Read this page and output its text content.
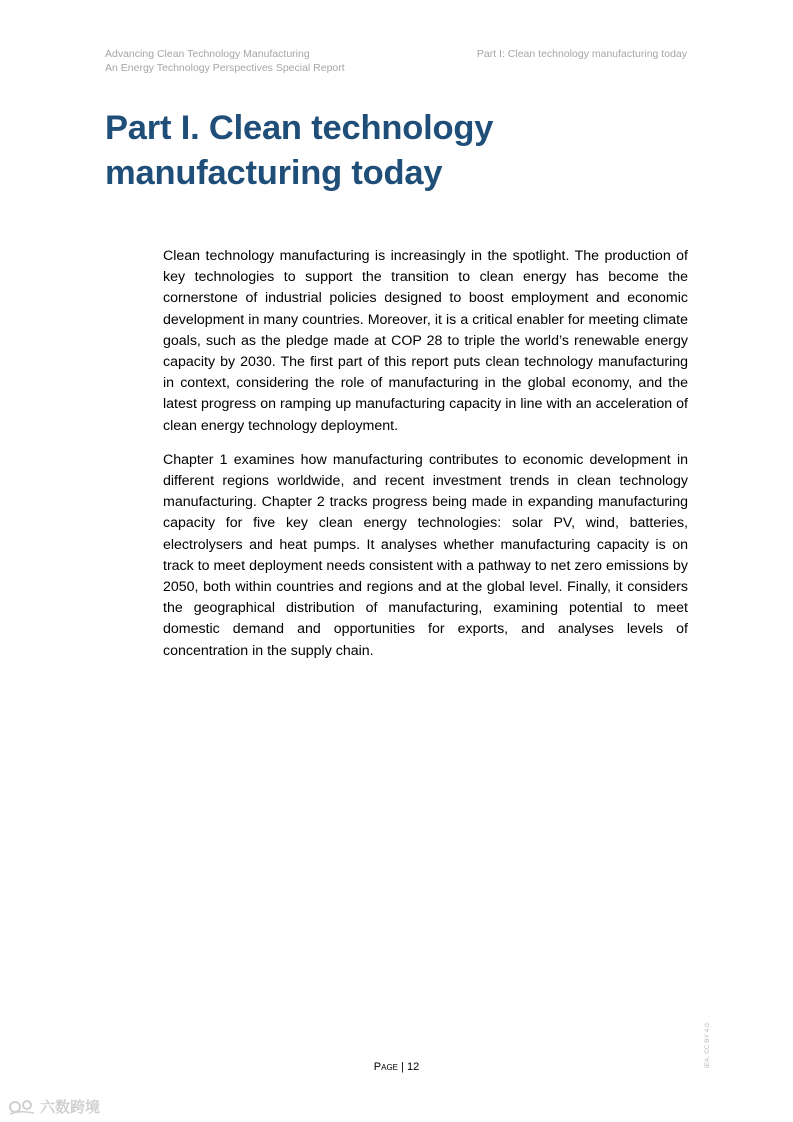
Advancing Clean Technology Manufacturing
An Energy Technology Perspectives Special Report
Part I: Clean technology manufacturing today
Part I. Clean technology
manufacturing today

Clean technology manufacturing is increasingly in the spotlight. The production of key technologies to support the transition to clean energy has become the cornerstone of industrial policies designed to boost employment and economic development in many countries. Moreover, it is a critical enabler for meeting climate goals, such as the pledge made at COP 28 to triple the world’s renewable energy capacity by 2030. The first part of this report puts clean technology manufacturing in context, considering the role of manufacturing in the global economy, and the latest progress on ramping up manufacturing capacity in line with an acceleration of clean energy technology deployment.

Chapter 1 examines how manufacturing contributes to economic development in different regions worldwide, and recent investment trends in clean technology manufacturing. Chapter 2 tracks progress being made in expanding manufacturing capacity for five key clean energy technologies: solar PV, wind, batteries, electrolysers and heat pumps. It analyses whether manufacturing capacity is on track to meet deployment needs consistent with a pathway to net zero emissions by 2050, both within countries and regions and at the global level. Finally, it considers the geographical distribution of manufacturing, examining potential to meet domestic demand and opportunities for exports, and analyses levels of concentration in the supply chain.

Page | 12	IEA. CC BY 4.0.
六数跨境
